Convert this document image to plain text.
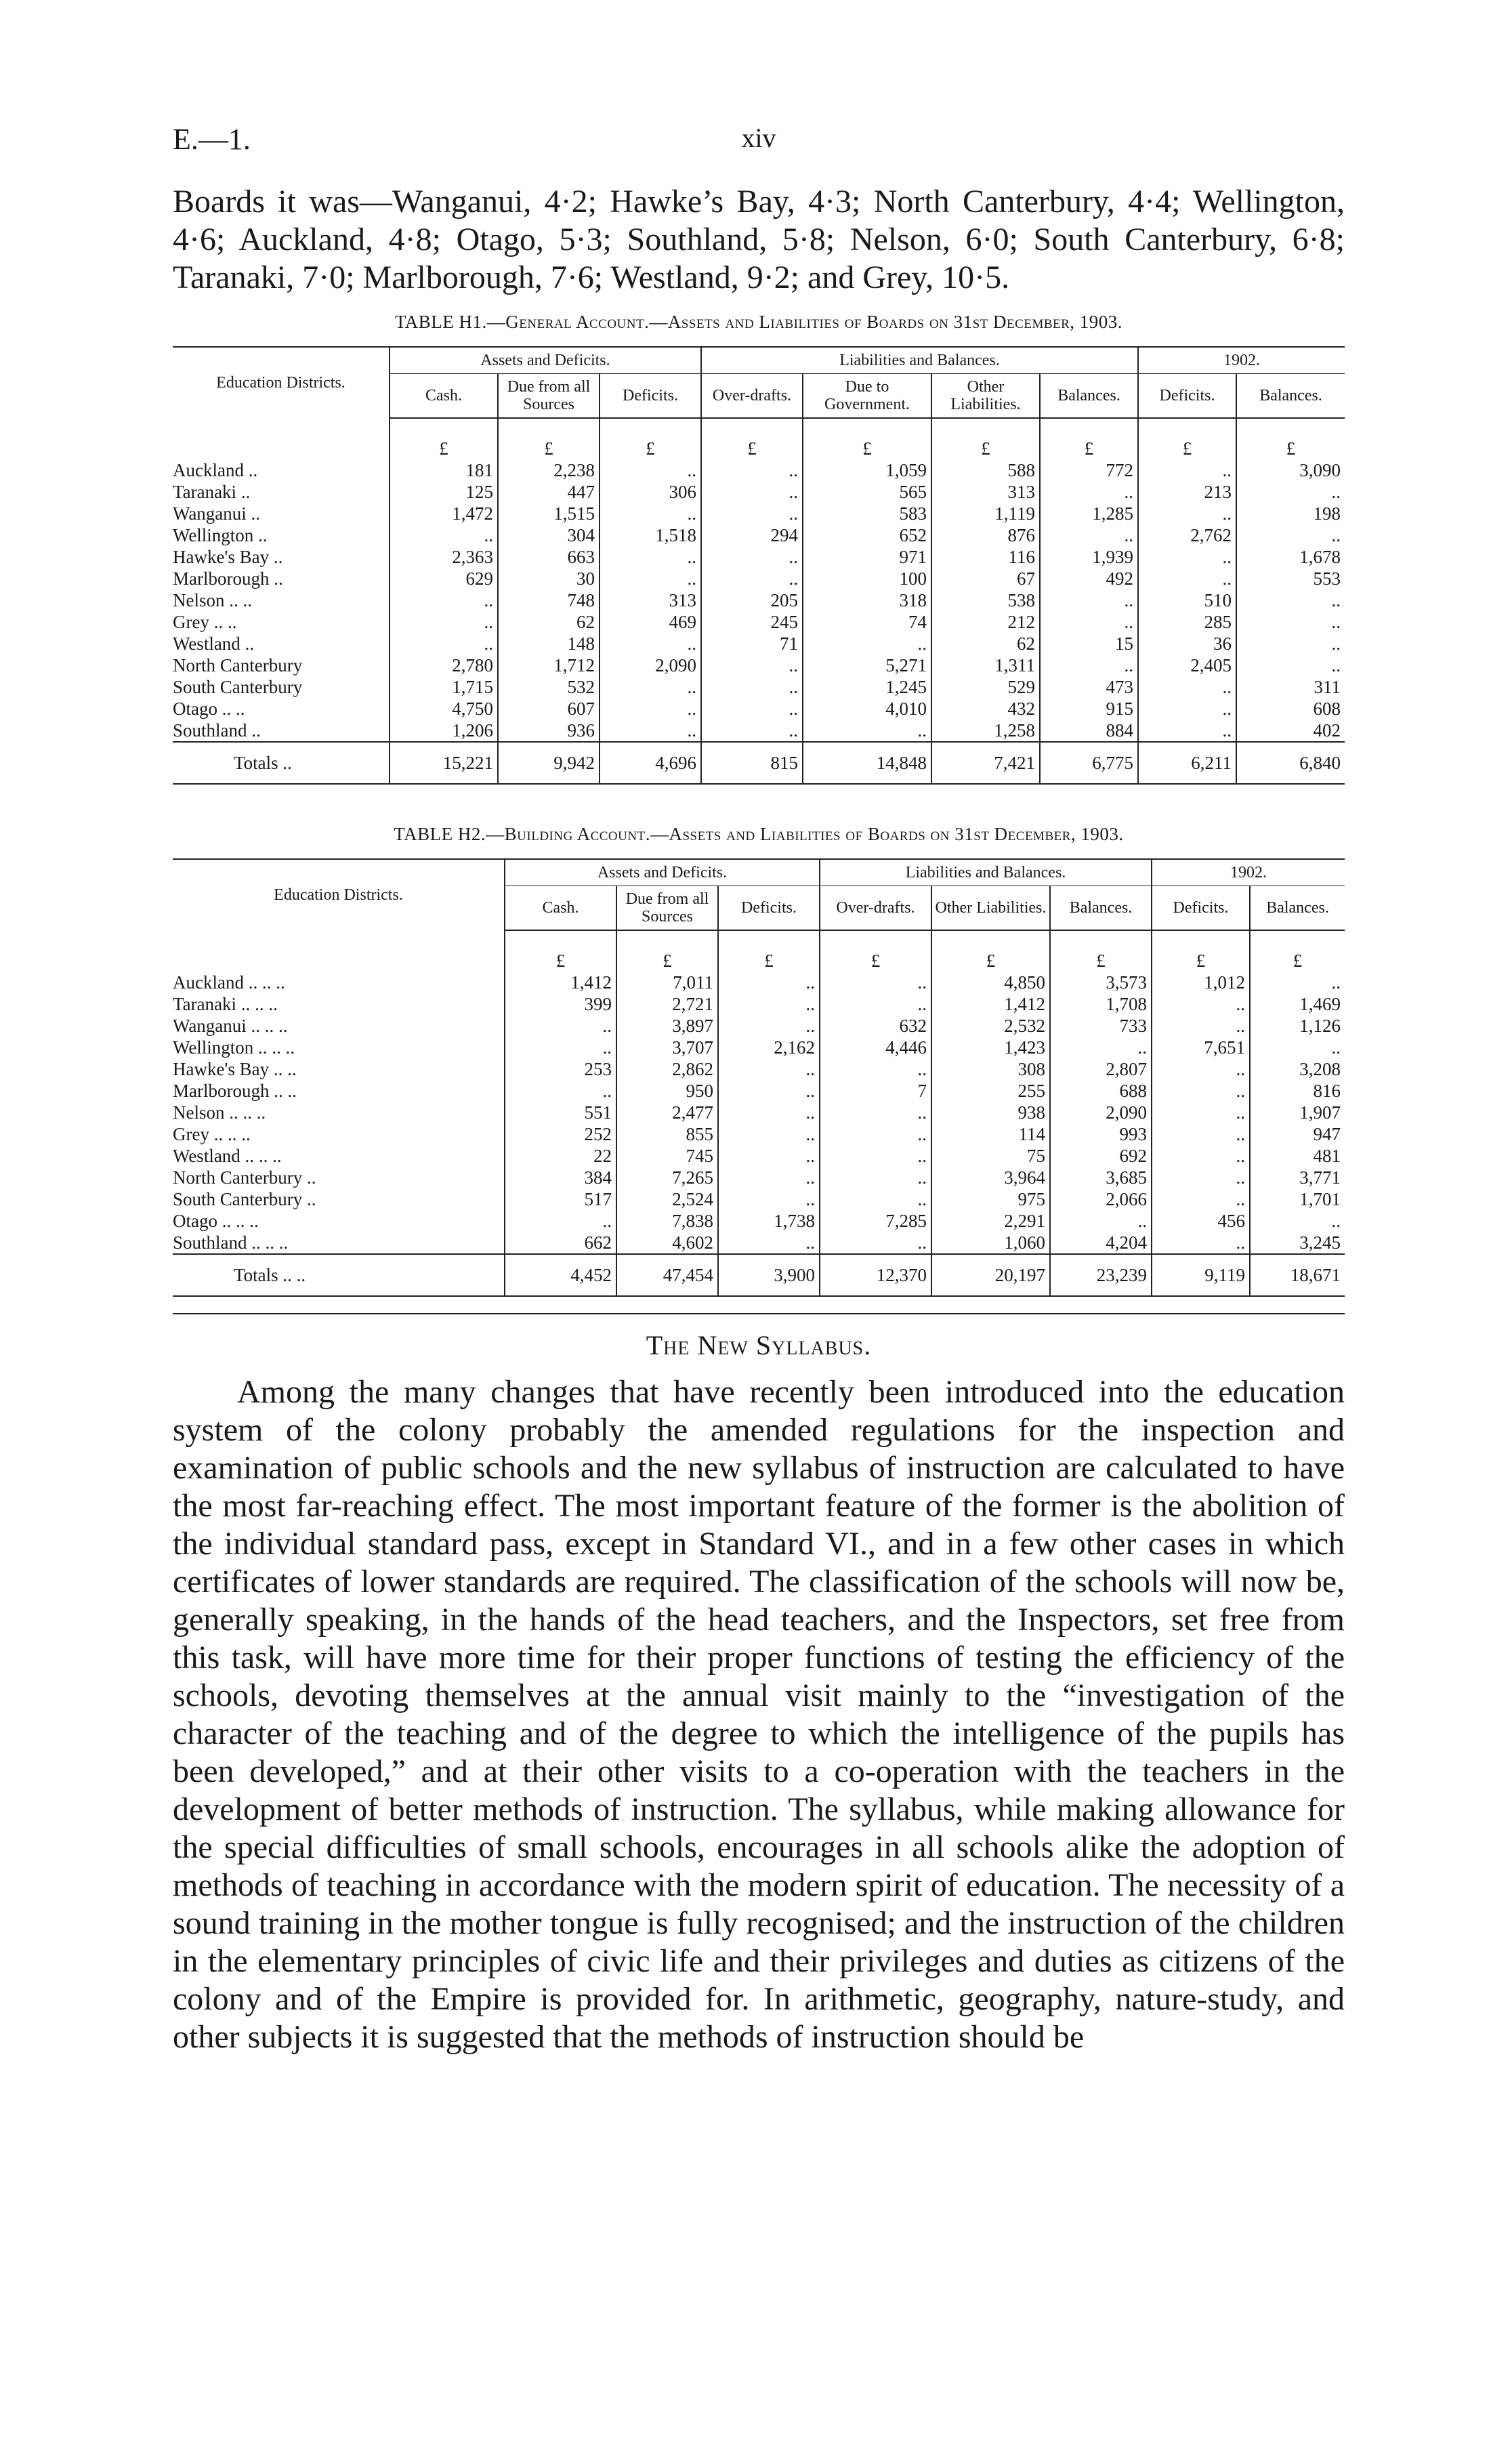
E.—1.	xiv

Boards it was—Wanganui, 4·2; Hawke’s Bay, 4·3; North Canterbury, 4·4; Wellington, 4·6; Auckland, 4·8; Otago, 5·3; Southland, 5·8; Nelson, 6·0; South Canterbury, 6·8; Taranaki, 7·0; Marlborough, 7·6; Westland, 9·2; and Grey, 10·5.

TABLE H1.—General Account.—Assets and Liabilities of Boards on 31st December, 1903.
Education Districts.	Assets and Deficits.			Liabilities and Balances.				1902.	
	Cash.	Due from all Sources	Deficits.	Over-drafts.	Due to Government.	Other Liabilities.	Balances.	Deficits.	Balances.
	£	£	£	£	£	£	£	£	£
Auckland ..	181	2,238	..	..	1,059	588	772	..	3,090
Taranaki ..	125	447	306	..	565	313	..	213	..
Wanganui ..	1,472	1,515	..	..	583	1,119	1,285	..	198
Wellington ..	..	304	1,518	294	652	876	..	2,762	..
Hawke's Bay ..	2,363	663	..	..	971	116	1,939	..	1,678
Marlborough ..	629	30	..	..	100	67	492	..	553
Nelson .. ..	..	748	313	205	318	538	..	510	..
Grey .. ..	..	62	469	245	74	212	..	285	..
Westland ..	..	148	..	71	..	62	15	36	..
North Canterbury	2,780	1,712	2,090	..	5,271	1,311	..	2,405	..
South Canterbury	1,715	532	..	..	1,245	529	473	..	311
Otago .. ..	4,750	607	..	..	4,010	432	915	..	608
Southland ..	1,206	936	..	..	..	1,258	884	..	402
Totals ..	15,221	9,942	4,696	815	14,848	7,421	6,775	6,211	6,840
TABLE H2.—Building Account.—Assets and Liabilities of Boards on 31st December, 1903.
Education Districts.	Assets and Deficits.			Liabilities and Balances.			1902.	
	Cash.	Due from all Sources	Deficits.	Over-drafts.	Other Liabilities.	Balances.	Deficits.	Balances.
	£	£	£	£	£	£	£	£
Auckland .. .. ..	1,412	7,011	..	..	4,850	3,573	1,012	..
Taranaki .. .. ..	399	2,721	..	..	1,412	1,708	..	1,469
Wanganui .. .. ..	..	3,897	..	632	2,532	733	..	1,126
Wellington .. .. ..	..	3,707	2,162	4,446	1,423	..	7,651	..
Hawke's Bay .. ..	253	2,862	..	..	308	2,807	..	3,208
Marlborough .. ..	..	950	..	7	255	688	..	816
Nelson .. .. ..	551	2,477	..	..	938	2,090	..	1,907
Grey .. .. ..	252	855	..	..	114	993	..	947
Westland .. .. ..	22	745	..	..	75	692	..	481
North Canterbury ..	384	7,265	..	..	3,964	3,685	..	3,771
South Canterbury ..	517	2,524	..	..	975	2,066	..	1,701
Otago .. .. ..	..	7,838	1,738	7,285	2,291	..	456	..
Southland .. .. ..	662	4,602	..	..	1,060	4,204	..	3,245
Totals .. ..	4,452	47,454	3,900	12,370	20,197	23,239	9,119	18,671
The New Syllabus.

Among the many changes that have recently been introduced into the education system of the colony probably the amended regulations for the inspection and examination of public schools and the new syllabus of instruction are calculated to have the most far-reaching effect. The most important feature of the former is the abolition of the individual standard pass, except in Standard VI., and in a few other cases in which certificates of lower standards are required. The classification of the schools will now be, generally speaking, in the hands of the head teachers, and the Inspectors, set free from this task, will have more time for their proper functions of testing the efficiency of the schools, devoting themselves at the annual visit mainly to the “investigation of the character of the teaching and of the degree to which the intelligence of the pupils has been developed,” and at their other visits to a co-operation with the teachers in the development of better methods of instruction. The syllabus, while making allowance for the special difficulties of small schools, encourages in all schools alike the adoption of methods of teaching in accordance with the modern spirit of education. The necessity of a sound training in the mother tongue is fully recognised; and the instruction of the children in the elementary principles of civic life and their privileges and duties as citizens of the colony and of the Empire is provided for. In arithmetic, geography, nature-study, and other subjects it is suggested that the methods of instruction should be
